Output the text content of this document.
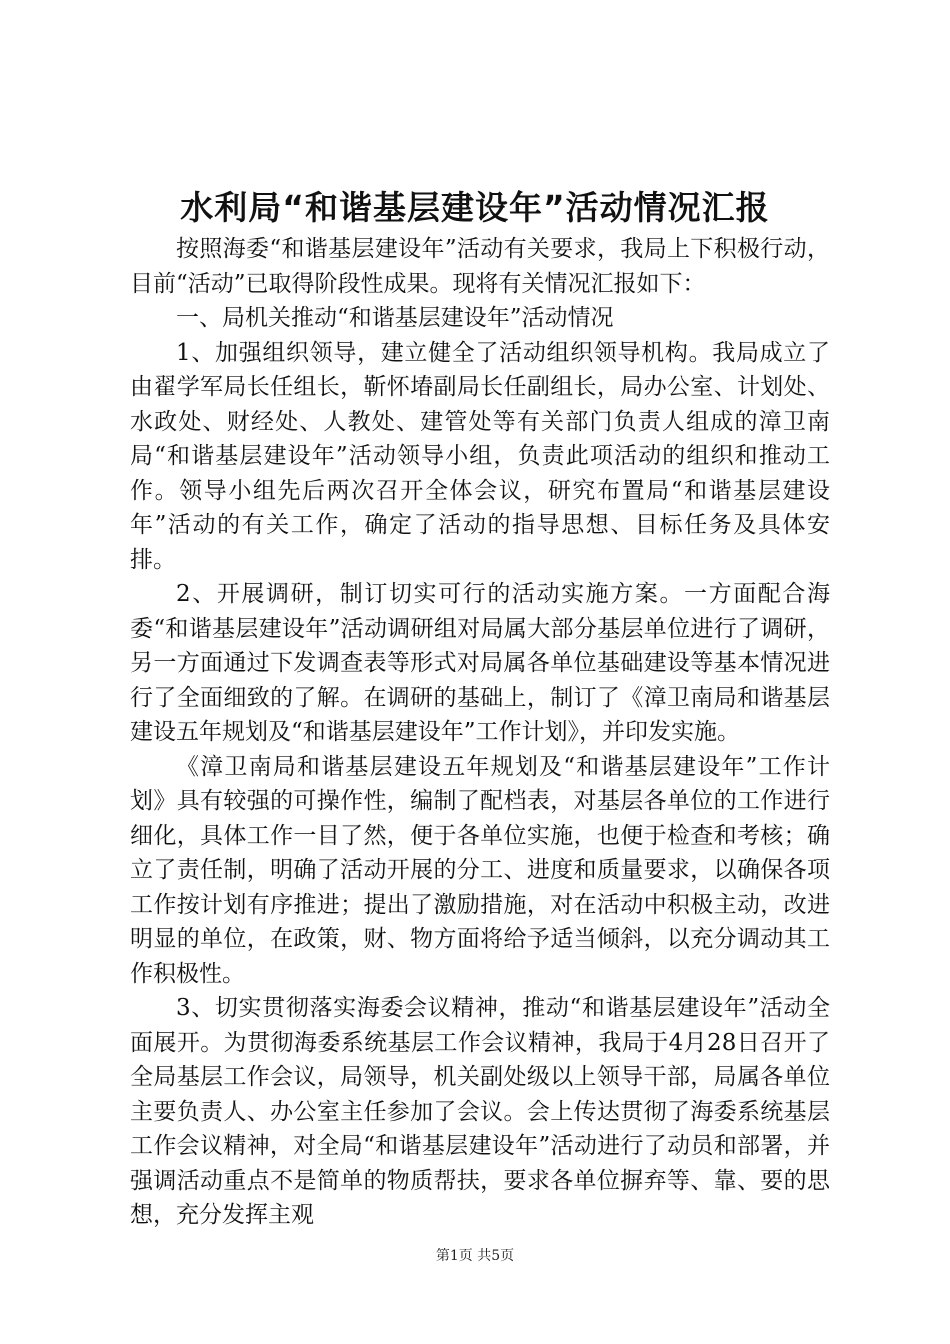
水利局“和谐基层建设年”活动情况汇报

按照海委“和谐基层建设年”活动有关要求，我局上下积极行动，目前“活动”已取得阶段性成果。现将有关情况汇报如下：

一、局机关推动“和谐基层建设年”活动情况

1、加强组织领导，建立健全了活动组织领导机构。我局成立了由翟学军局长任组长，靳怀堾副局长任副组长，局办公室、计划处、水政处、财经处、人教处、建管处等有关部门负责人组成的漳卫南局“和谐基层建设年”活动领导小组，负责此项活动的组织和推动工作。领导小组先后两次召开全体会议，研究布置局“和谐基层建设年”活动的有关工作，确定了活动的指导思想、目标任务及具体安排。

2、开展调研，制订切实可行的活动实施方案。一方面配合海委“和谐基层建设年”活动调研组对局属大部分基层单位进行了调研，另一方面通过下发调查表等形式对局属各单位基础建设等基本情况进行了全面细致的了解。在调研的基础上，制订了《漳卫南局和谐基层建设五年规划及“和谐基层建设年”工作计划》，并印发实施。

《漳卫南局和谐基层建设五年规划及“和谐基层建设年”工作计划》具有较强的可操作性，编制了配档表，对基层各单位的工作进行细化，具体工作一目了然，便于各单位实施，也便于检查和考核；确立了责任制，明确了活动开展的分工、进度和质量要求，以确保各项工作按计划有序推进；提出了激励措施，对在活动中积极主动，改进明显的单位，在政策，财、物方面将给予适当倾斜，以充分调动其工作积极性。

3、切实贯彻落实海委会议精神，推动“和谐基层建设年”活动全面展开。为贯彻海委系统基层工作会议精神，我局于4月28日召开了全局基层工作会议，局领导，机关副处级以上领导干部，局属各单位主要负责人、办公室主任参加了会议。会上传达贯彻了海委系统基层工作会议精神，对全局“和谐基层建设年”活动进行了动员和部署，并强调活动重点不是简单的物质帮扶，要求各单位摒弃等、靠、要的思想，充分发挥主观

第1页 共5页
